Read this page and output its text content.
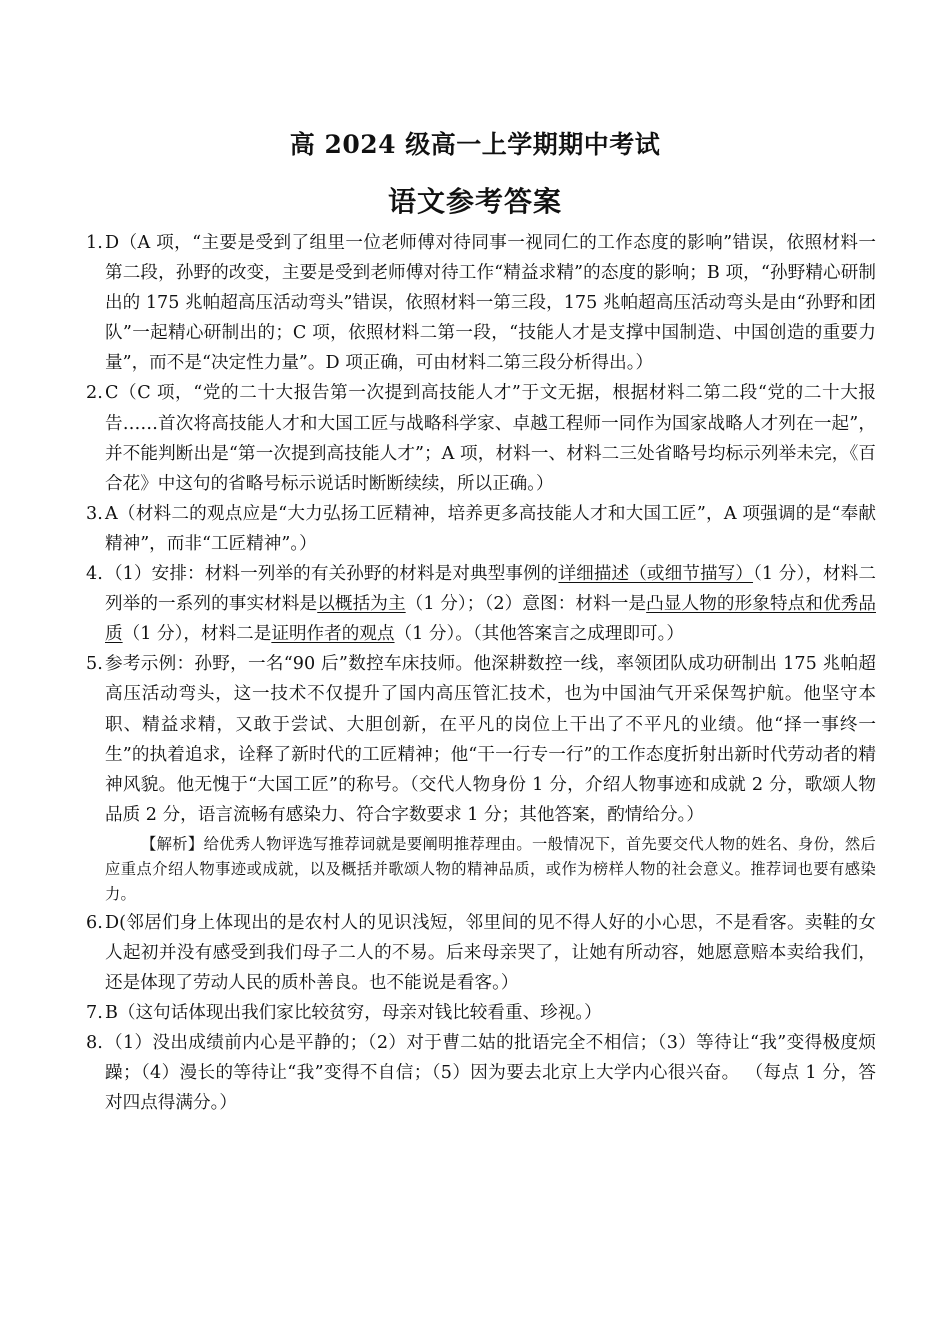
高 2024 级高一上学期期中考试
语文参考答案
1. D（A 项，“主要是受到了组里一位老师傅对待同事一视同仁的工作态度的影响”错误，依照材料一第二段，孙野的改变，主要是受到老师傅对待工作“精益求精”的态度的影响；B 项，“孙野精心研制出的 175 兆帕超高压活动弯头”错误，依照材料一第三段，175 兆帕超高压活动弯头是由“孙野和团队”一起精心研制出的；C 项，依照材料二第一段，“技能人才是支撑中国制造、中国创造的重要力量”，而不是“决定性力量”。D 项正确，可由材料二第三段分析得出。）
2. C（C 项，“党的二十大报告第一次提到高技能人才”于文无据，根据材料二第二段“党的二十大报告……首次将高技能人才和大国工匠与战略科学家、卓越工程师一同作为国家战略人才列在一起”，并不能判断出是“第一次提到高技能人才”；A 项，材料一、材料二三处省略号均标示列举未完，《百合花》中这句的省略号标示说话时断断续续，所以正确。）
3. A（材料二的观点应是“大力弘扬工匠精神，培养更多高技能人才和大国工匠”，A 项强调的是“奉献精神”，而非“工匠精神”。）
4. （1）安排：材料一列举的有关孙野的材料是对典型事例的详细描述（或细节描写）（1 分），材料二列举的一系列的事实材料是以概括为主（1 分）；（2）意图：材料一是凸显人物的形象特点和优秀品质（1 分），材料二是证明作者的观点（1 分）。（其他答案言之成理即可。）
5. 参考示例：孙野，一名“90 后”数控车床技师。他深耕数控一线，率领团队成功研制出 175 兆帕超高压活动弯头，这一技术不仅提升了国内高压管汇技术，也为中国油气开采保驾护航。他坚守本职、精益求精，又敢于尝试、大胆创新，在平凡的岗位上干出了不平凡的业绩。他“择一事终一生”的执着追求，诠释了新时代的工匠精神；他“干一行专一行”的工作态度折射出新时代劳动者的精神风貌。他无愧于“大国工匠”的称号。（交代人物身份 1 分，介绍人物事迹和成就 2 分，歌颂人物品质 2 分，语言流畅有感染力、符合字数要求 1 分；其他答案，酌情给分。）
【解析】给优秀人物评选写推荐词就是要阐明推荐理由。一般情况下，首先要交代人物的姓名、身份，然后应重点介绍人物事迹或成就，以及概括并歌颂人物的精神品质，或作为榜样人物的社会意义。推荐词也要有感染力。
6. D(邻居们身上体现出的是农村人的见识浅短，邻里间的见不得人好的小心思，不是看客。卖鞋的女人起初并没有感受到我们母子二人的不易。后来母亲哭了，让她有所动容，她愿意赔本卖给我们，还是体现了劳动人民的质朴善良。也不能说是看客。）
7. B（这句话体现出我们家比较贫穷，母亲对钱比较看重、珍视。）
8. （1）没出成绩前内心是平静的；（2）对于曹二姑的批语完全不相信；（3）等待让“我”变得极度烦躁；（4）漫长的等待让“我”变得不自信；（5）因为要去北京上大学内心很兴奋。 （每点 1 分，答对四点得满分。）
